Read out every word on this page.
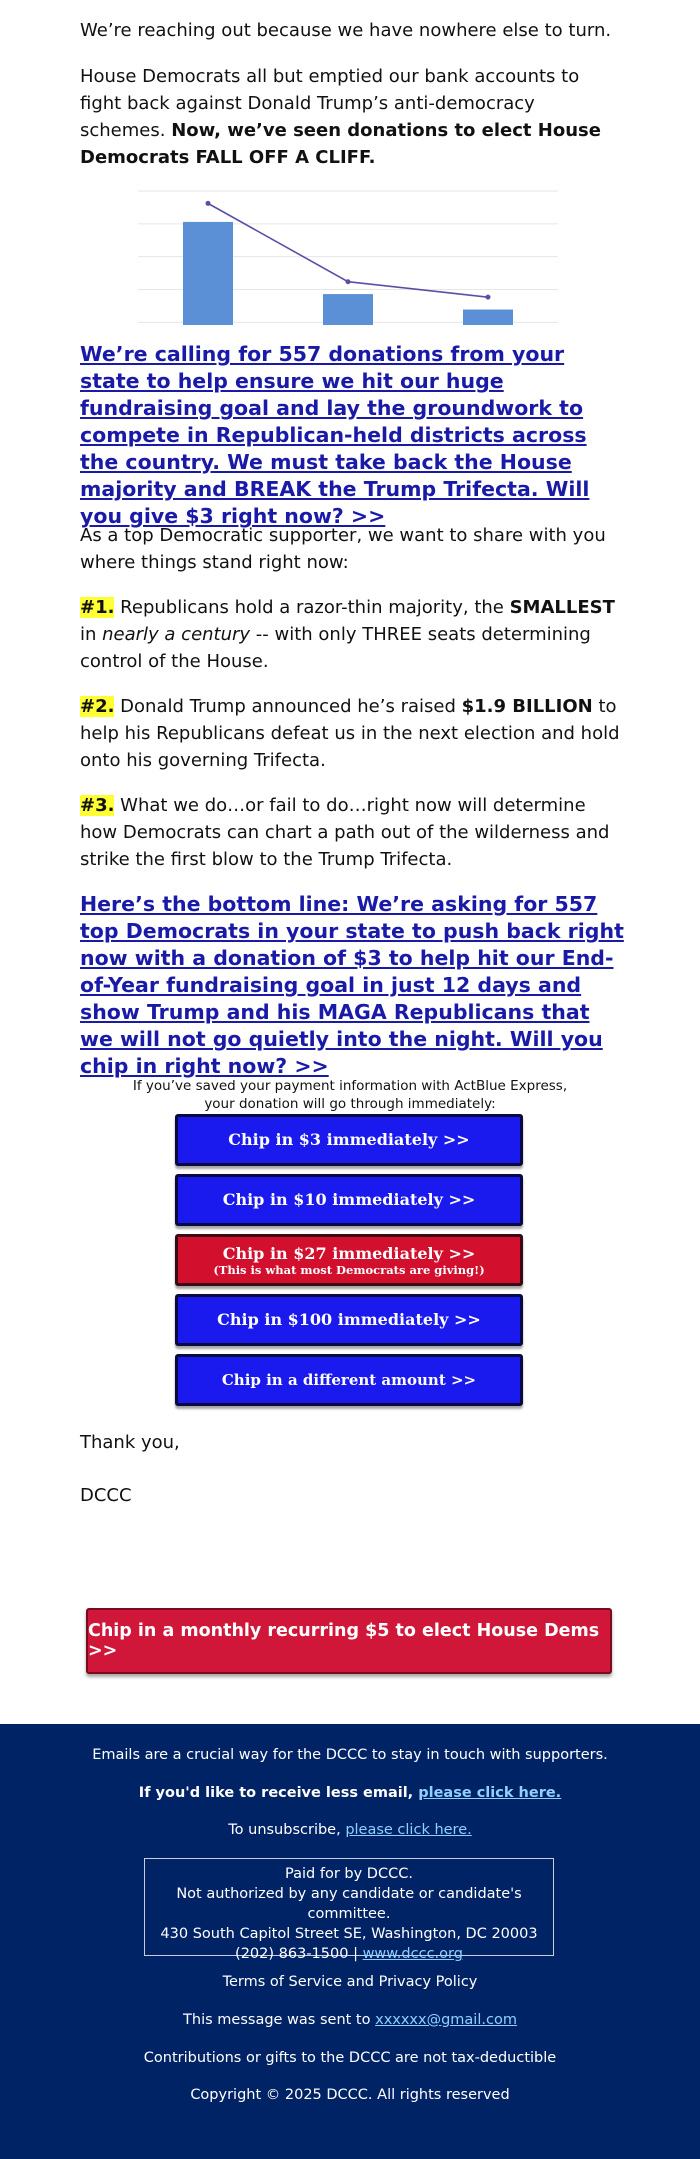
We’re reaching out because we have nowhere else to turn.

House Democrats all but emptied our bank accounts to fight back against Donald Trump’s anti-democracy schemes. Now, we’ve seen donations to elect House Democrats FALL OFF A CLIFF.

We’re calling for 557 donations from your state to help ensure we hit our huge fundraising goal and lay the groundwork to compete in Republican-held districts across the country. We must take back the House majority and BREAK the Trump Trifecta. Will you give $3 right now? >>

As a top Democratic supporter, we want to share with you where things stand right now:

#1. Republicans hold a razor-thin majority, the SMALLEST in nearly a century -- with only THREE seats determining control of the House.

#2. Donald Trump announced he’s raised $1.9 BILLION to help his Republicans defeat us in the next election and hold onto his governing Trifecta.

#3. What we do…or fail to do…right now will determine how Democrats can chart a path out of the wilderness and strike the first blow to the Trump Trifecta.

Here’s the bottom line: We’re asking for 557 top Democrats in your state to push back right now with a donation of $3 to help hit our End-of-Year fundraising goal in just 12 days and show Trump and his MAGA Republicans that we will not go quietly into the night. Will you chip in right now? >>

Thank you,

DCCC

If you’ve saved your payment information with ActBlue Express,
your donation will go through immediately:
Chip in $3 immediately >>
Chip in $10 immediately >>
Chip in $27 immediately >>
(This is what most Democrats are giving!)
Chip in $100 immediately >>
Chip in a different amount >>
Chip in a monthly recurring $5 to elect House Dems >>
Emails are a crucial way for the DCCC to stay in touch with supporters.
If you'd like to receive less email, please click here.
To unsubscribe, please click here.
Paid for by DCCC.
Not authorized by any candidate or candidate's committee.
430 South Capitol Street SE, Washington, DC 20003
(202) 863-1500 | www.dccc.org
Terms of Service and Privacy Policy
This message was sent to xxxxxx@gmail.com
Contributions or gifts to the DCCC are not tax-deductible
Copyright © 2025 DCCC. All rights reserved
